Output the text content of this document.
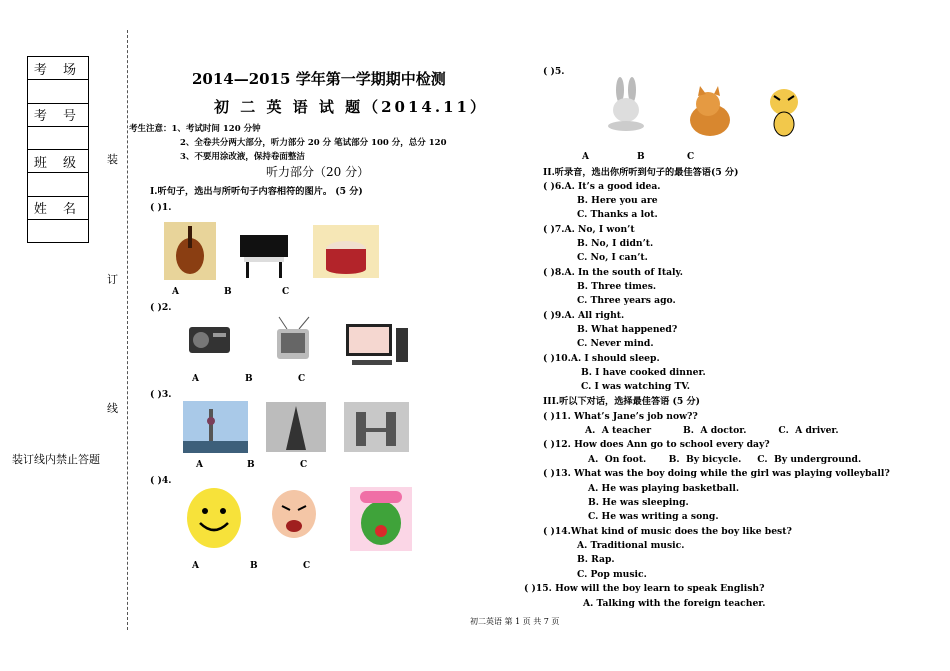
考 场
考 号
班 级
姓 名
装
订
线
装订线内禁止答题
2014—2015 学年第一学期期中检测
初 二 英 语 试 题（2014.11）
考生注意：1、考试时间 120 分钟
2、全卷共分两大部分，听力部分 20 分 笔试部分 100 分，总分 120
3、不要用涂改液，保持卷面整洁
听力部分（20 分）
I.听句子，选出与所听句子内容相符的图片。 (5 分)
( )1.
A	B	C
( )2.
A	B	C
( )3.
A	B	C
( )4.
A	B	C
( )5.
A	B	C
II.听录音，选出你所听到句子的最佳答语(5 分)
( )6.A. It’s a good idea.
B. Here you are
C. Thanks a lot.
( )7.A. No, I won’t
B. No, I didn’t.
C. No, I can’t.
( )8.A. In the south of Italy.
B. Three times.
C. Three years ago.
( )9.A. All right.
B. What happened?
C. Never mind.
( )10.A. I should sleep.
B. I have cooked dinner.
C. I was watching TV.
III.听以下对话，选择最佳答语 (5 分)
( )11. What’s Jane’s job now??
A.  A teacher          B.  A doctor.          C.  A driver.
( )12. How does Ann go to school every day?
A.  On foot.       B.  By bicycle.     C.  By underground.
( )13. What was the boy doing while the girl was playing volleyball?
A. He was playing basketball.
B. He was sleeping.
C. He was writing a song.
( )14.What kind of music does the boy like best?
A. Traditional music.
B. Rap.
C. Pop music.
( )15. How will the boy learn to speak English?
A. Talking with the foreign teacher.
初二英语 第 1 页 共 7 页
